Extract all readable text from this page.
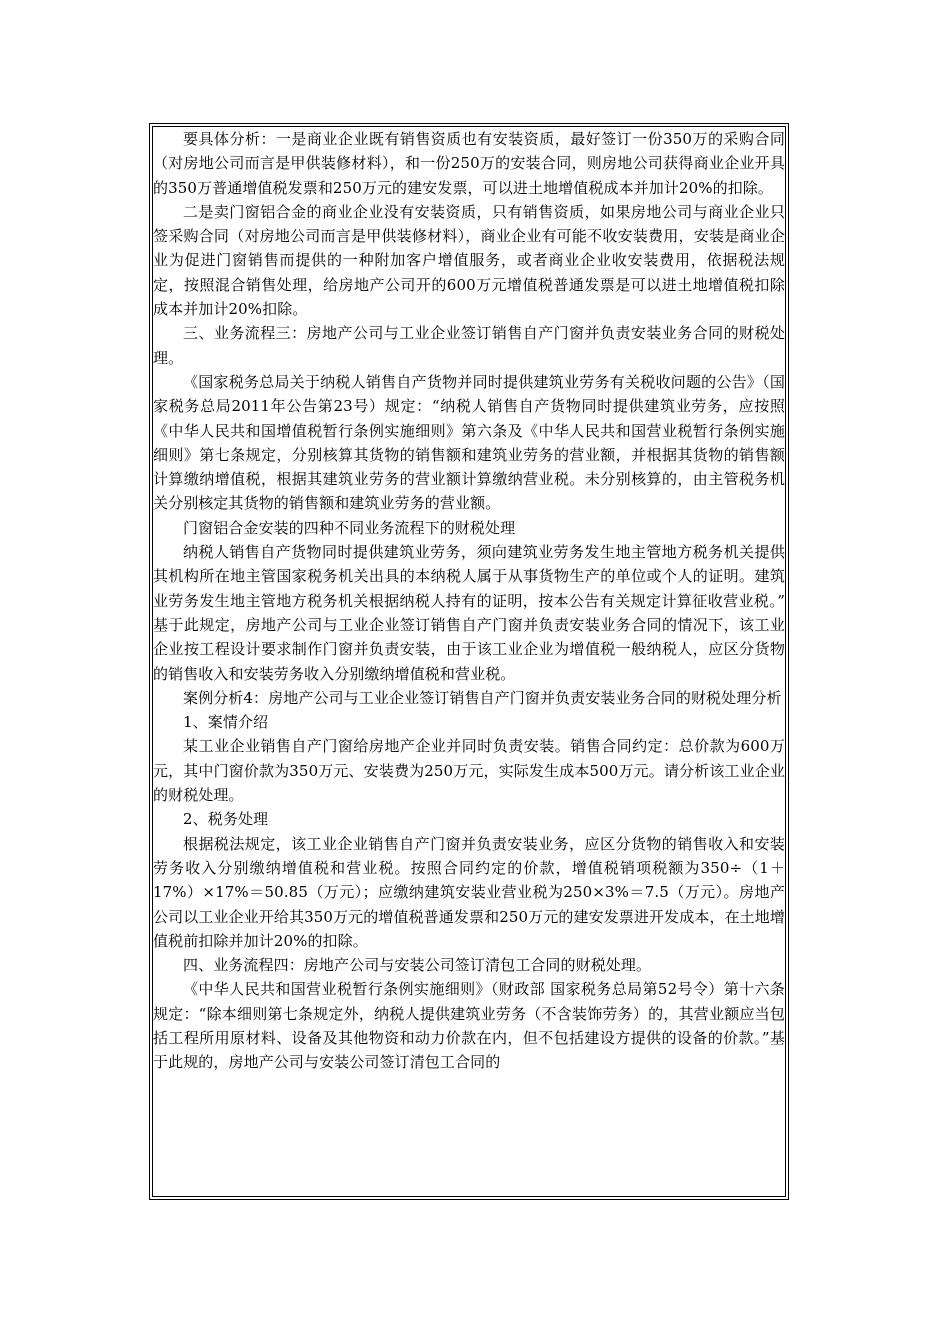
要具体分析：一是商业企业既有销售资质也有安装资质，最好签订一份350万的采购合同（对房地公司而言是甲供装修材料），和一份250万的安装合同，则房地公司获得商业企业开具的350万普通增值税发票和250万元的建安发票，可以进土地增值税成本并加计20%的扣除。

二是卖门窗铝合金的商业企业没有安装资质，只有销售资质，如果房地公司与商业企业只签采购合同（对房地公司而言是甲供装修材料），商业企业有可能不收安装费用，安装是商业企业为促进门窗销售而提供的一种附加客户增值服务，或者商业企业收安装费用，依据税法规定，按照混合销售处理，给房地产公司开的600万元增值税普通发票是可以进土地增值税扣除成本并加计20%扣除。

三、业务流程三：房地产公司与工业企业签订销售自产门窗并负责安装业务合同的财税处理。

《国家税务总局关于纳税人销售自产货物并同时提供建筑业劳务有关税收问题的公告》（国家税务总局2011年公告第23号）规定：“纳税人销售自产货物同时提供建筑业劳务，应按照《中华人民共和国增值税暂行条例实施细则》第六条及《中华人民共和国营业税暂行条例实施细则》第七条规定，分别核算其货物的销售额和建筑业劳务的营业额，并根据其货物的销售额计算缴纳增值税，根据其建筑业劳务的营业额计算缴纳营业税。未分别核算的，由主管税务机关分别核定其货物的销售额和建筑业劳务的营业额。

门窗铝合金安装的四种不同业务流程下的财税处理

纳税人销售自产货物同时提供建筑业劳务，须向建筑业劳务发生地主管地方税务机关提供其机构所在地主管国家税务机关出具的本纳税人属于从事货物生产的单位或个人的证明。建筑业劳务发生地主管地方税务机关根据纳税人持有的证明，按本公告有关规定计算征收营业税。” 基于此规定，房地产公司与工业企业签订销售自产门窗并负责安装业务合同的情况下，该工业企业按工程设计要求制作门窗并负责安装，由于该工业企业为增值税一般纳税人，应区分货物的销售收入和安装劳务收入分别缴纳增值税和营业税。

案例分析4：房地产公司与工业企业签订销售自产门窗并负责安装业务合同的财税处理分析

1、案情介绍

某工业企业销售自产门窗给房地产企业并同时负责安装。销售合同约定：总价款为600万元，其中门窗价款为350万元、安装费为250万元，实际发生成本500万元。请分析该工业企业的财税处理。

2、税务处理

根据税法规定，该工业企业销售自产门窗并负责安装业务，应区分货物的销售收入和安装劳务收入分别缴纳增值税和营业税。按照合同约定的价款，增值税销项税额为350÷（1＋17%）×17%＝50.85（万元）；应缴纳建筑安装业营业税为250×3%＝7.5（万元）。房地产公司以工业企业开给其350万元的增值税普通发票和250万元的建安发票进开发成本，在土地增值税前扣除并加计20%的扣除。

四、业务流程四：房地产公司与安装公司签订清包工合同的财税处理。

《中华人民共和国营业税暂行条例实施细则》（财政部 国家税务总局第52号令）第十六条规定：“除本细则第七条规定外，纳税人提供建筑业劳务（不含装饰劳务）的，其营业额应当包括工程所用原材料、设备及其他物资和动力价款在内，但不包括建设方提供的设备的价款。”基于此规的，房地产公司与安装公司签订清包工合同的
